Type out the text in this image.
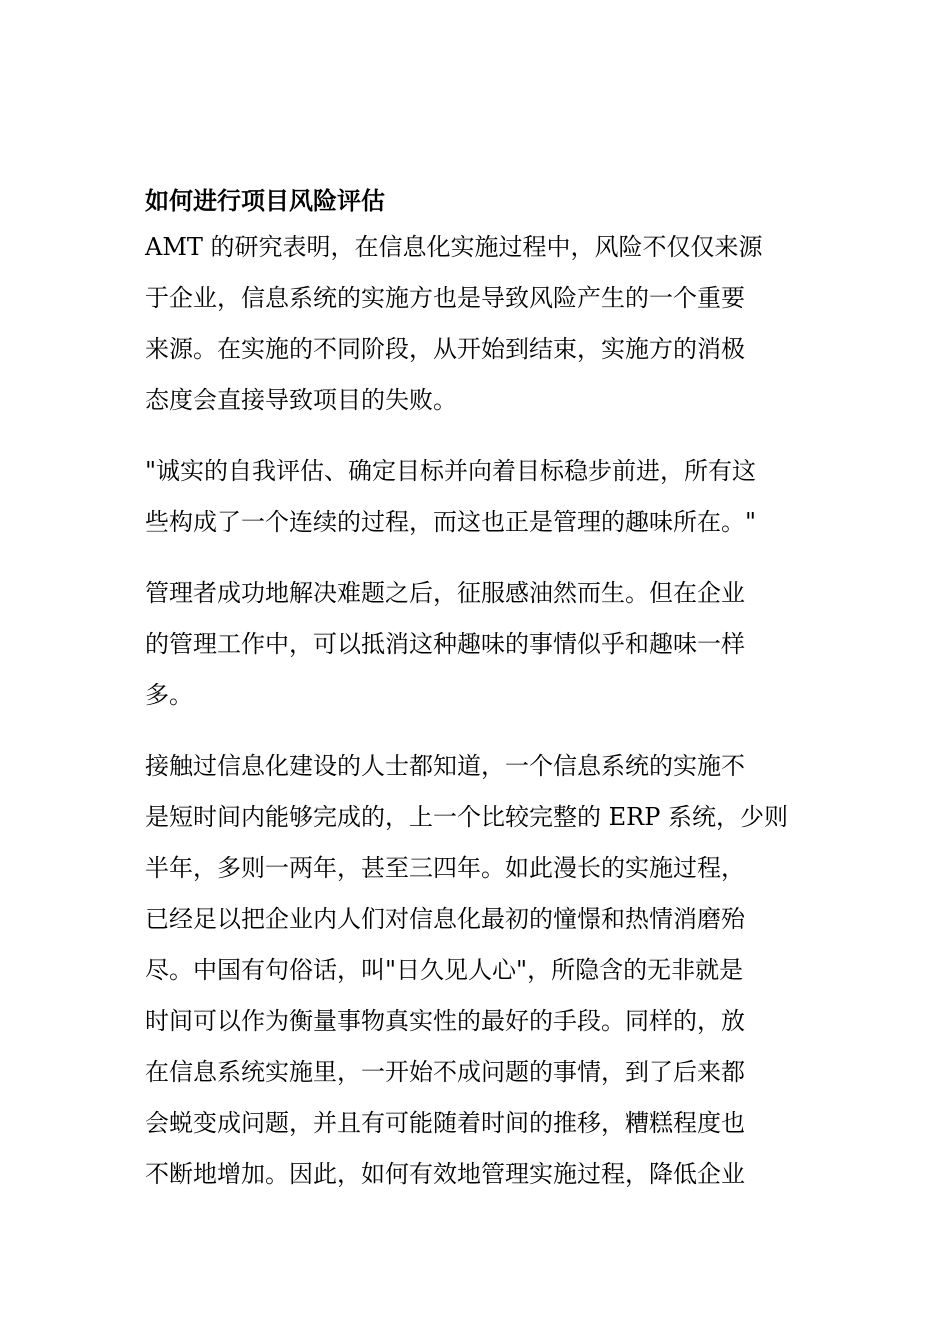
如何进行项目风险评估
AMT 的研究表明，在信息化实施过程中，风险不仅仅来源
于企业，信息系统的实施方也是导致风险产生的一个重要
来源。在实施的不同阶段，从开始到结束，实施方的消极
态度会直接导致项目的失败。
"诚实的自我评估、确定目标并向着目标稳步前进，所有这
些构成了一个连续的过程，而这也正是管理的趣味所在。"
管理者成功地解决难题之后，征服感油然而生。但在企业
的管理工作中，可以抵消这种趣味的事情似乎和趣味一样
多。
接触过信息化建设的人士都知道，一个信息系统的实施不
是短时间内能够完成的，上一个比较完整的 ERP 系统，少则
半年，多则一两年，甚至三四年。如此漫长的实施过程，
已经足以把企业内人们对信息化最初的憧憬和热情消磨殆
尽。中国有句俗话，叫"日久见人心"，所隐含的无非就是
时间可以作为衡量事物真实性的最好的手段。同样的，放
在信息系统实施里，一开始不成问题的事情，到了后来都
会蜕变成问题，并且有可能随着时间的推移，糟糕程度也
不断地增加。因此，如何有效地管理实施过程，降低企业
